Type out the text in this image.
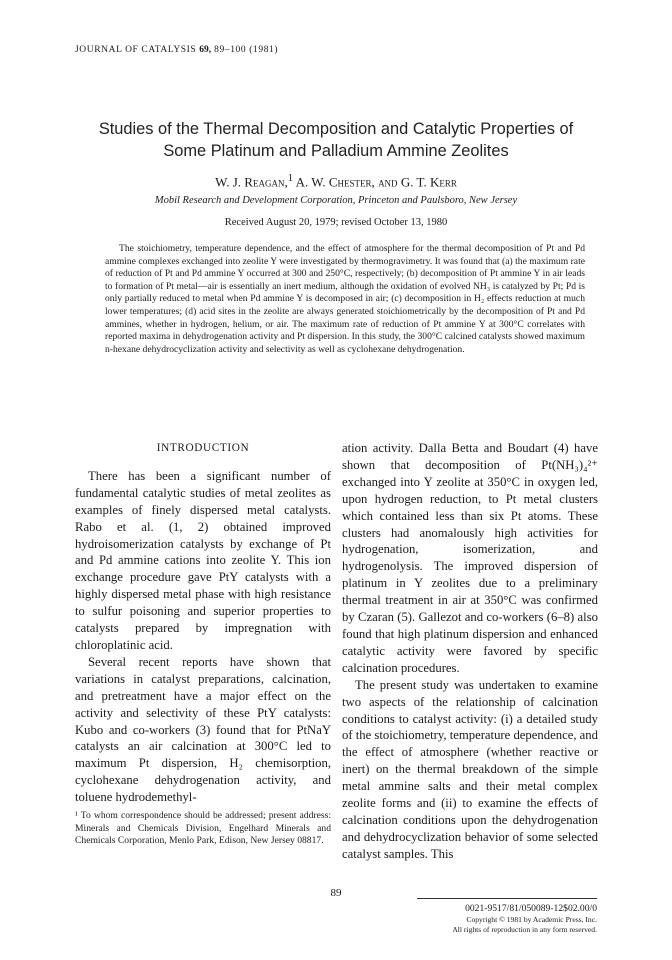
JOURNAL OF CATALYSIS 69, 89–100 (1981)
Studies of the Thermal Decomposition and Catalytic Properties of
Some Platinum and Palladium Ammine Zeolites
W. J. Reagan,$^1$ A. W. Chester, and G. T. Kerr
Mobil Research and Development Corporation, Princeton and Paulsboro, New Jersey
Received August 20, 1979; revised October 13, 1980

The stoichiometry, temperature dependence, and the effect of atmosphere for the thermal decomposition of Pt and Pd ammine complexes exchanged into zeolite Y were investigated by thermogravimetry. It was found that (a) the maximum rate of reduction of Pt and Pd ammine Y occurred at 300 and 250°C, respectively; (b) decomposition of Pt ammine Y in air leads to formation of Pt metal—air is essentially an inert medium, although the oxidation of evolved NH₃ is catalyzed by Pt; Pd is only partially reduced to metal when Pd ammine Y is decomposed in air; (c) decomposition in H₂ effects reduction at much lower temperatures; (d) acid sites in the zeolite are always generated stoichiometrically by the decomposition of Pt and Pd ammines, whether in hydrogen, helium, or air. The maximum rate of reduction of Pt ammine Y at 300°C correlates with reported maxima in dehydrogenation activity and Pt dispersion. In this study, the 300°C calcined catalysts showed maximum n-hexane dehydrocyclization activity and selectivity as well as cyclohexane dehydrogenation.

INTRODUCTION

There has been a significant number of fundamental catalytic studies of metal zeolites as examples of finely dispersed metal catalysts. Rabo et al. (1, 2) obtained improved hydroisomerization catalysts by exchange of Pt and Pd ammine cations into zeolite Y. This ion exchange procedure gave PtY catalysts with a highly dispersed metal phase with high resistance to sulfur poisoning and superior properties to catalysts prepared by impregnation with chloroplatinic acid.

Several recent reports have shown that variations in catalyst preparations, calcination, and pretreatment have a major effect on the activity and selectivity of these PtY catalysts: Kubo and co-workers (3) found that for PtNaY catalysts an air calcination at 300°C led to maximum Pt dispersion, H₂ chemisorption, cyclohexane dehydrogenation activity, and toluene hydrodemethyl-

ation activity. Dalla Betta and Boudart (4) have shown that decomposition of Pt(NH₃)₄²⁺ exchanged into Y zeolite at 350°C in oxygen led, upon hydrogen reduction, to Pt metal clusters which contained less than six Pt atoms. These clusters had anomalously high activities for hydrogenation, isomerization, and hydrogenolysis. The improved dispersion of platinum in Y zeolites due to a preliminary thermal treatment in air at 350°C was confirmed by Czaran (5). Gallezot and co-workers (6–8) also found that high platinum dispersion and enhanced catalytic activity were favored by specific calcination procedures.

The present study was undertaken to examine two aspects of the relationship of calcination conditions to catalyst activity: (i) a detailed study of the stoichiometry, temperature dependence, and the effect of atmosphere (whether reactive or inert) on the thermal breakdown of the simple metal ammine salts and their metal complex zeolite forms and (ii) to examine the effects of calcination conditions upon the dehydrogenation and dehydrocyclization behavior of some selected catalyst samples. This

¹ To whom correspondence should be addressed; present address: Minerals and Chemicals Division, Engelhard Minerals and Chemicals Corporation, Menlo Park, Edison, New Jersey 08817.
89
0021-9517/81/050089-12$02.00/0
Copyright © 1981 by Academic Press, Inc.
All rights of reproduction in any form reserved.
